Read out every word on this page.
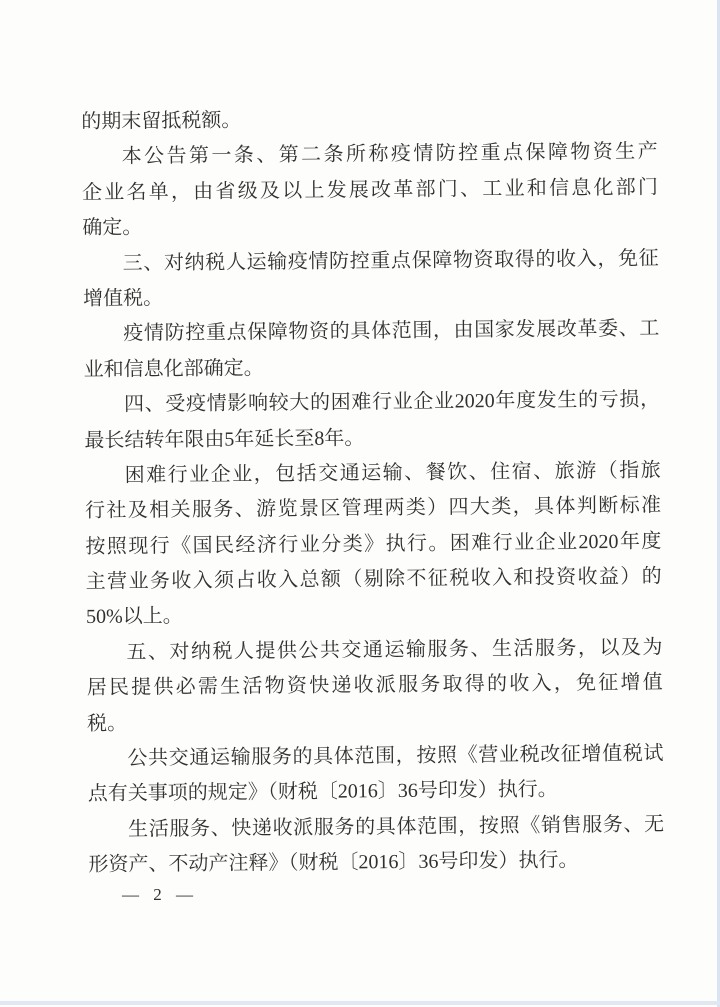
的期末留抵税额。
本公告第一条、第二条所称疫情防控重点保障物资生产
企业名单，由省级及以上发展改革部门、工业和信息化部门
确定。
三、对纳税人运输疫情防控重点保障物资取得的收入，免征
增值税。
疫情防控重点保障物资的具体范围，由国家发展改革委、工
业和信息化部确定。
四、受疫情影响较大的困难行业企业2020年度发生的亏损，
最长结转年限由5年延长至8年。
困难行业企业，包括交通运输、餐饮、住宿、旅游（指旅
行社及相关服务、游览景区管理两类）四大类，具体判断标准
按照现行《国民经济行业分类》执行。困难行业企业2020年度
主营业务收入须占收入总额（剔除不征税收入和投资收益）的
50%以上。
五、对纳税人提供公共交通运输服务、生活服务，以及为
居民提供必需生活物资快递收派服务取得的收入，免征增值
税。
公共交通运输服务的具体范围，按照《营业税改征增值税试
点有关事项的规定》（财税〔2016〕36号印发）执行。
生活服务、快递收派服务的具体范围，按照《销售服务、无
形资产、不动产注释》（财税〔2016〕36号印发）执行。
— 2 —
